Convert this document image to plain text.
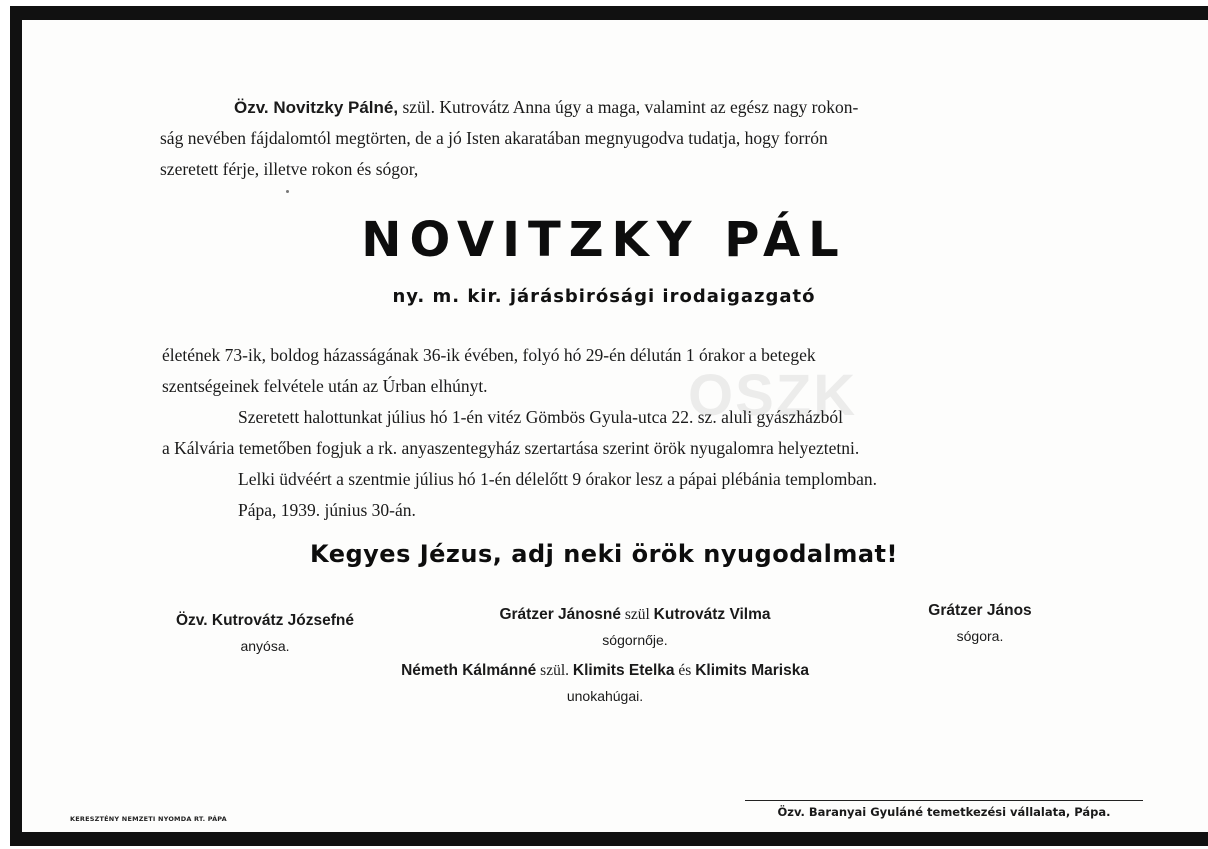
OSZK
Özv. Novitzky Pálné, szül. Kutrovátz Anna úgy a maga, valamint az egész nagy rokon-
ság nevében fájdalomtól megtörten, de a jó Isten akaratában megnyugodva tudatja, hogy forrón
szeretett férje, illetve rokon és sógor,
NOVITZKY PÁL
ny. m. kir. járásbirósági irodaigazgató
életének 73-ik, boldog házasságának 36-ik évében, folyó hó 29-én délután 1 órakor a betegek
szentségeinek felvétele után az Úrban elhúnyt.
Szeretett halottunkat július hó 1-én vitéz Gömbös Gyula-utca 22. sz. aluli gyászházból
a Kálvária temetőben fogjuk a rk. anyaszentegyház szertartása szerint örök nyugalomra helyeztetni.
Lelki üdvéért a szentmie július hó 1-én délelőtt 9 órakor lesz a pápai plébánia templomban.
Pápa, 1939. június 30-án.
Kegyes Jézus, adj neki örök nyugodalmat!
Özv. Kutrovátz Józsefné
anyósa.
Grátzer Jánosné szül Kutrovátz Vilma
sógornője.
Grátzer János
sógora.
Németh Kálmánné szül. Klimits Etelka és Klimits Mariska
unokahúgai.
KERESZTÉNY NEMZETI NYOMDA RT. PÁPA	Özv. Baranyai Gyuláné temetkezési vállalata, Pápa.
